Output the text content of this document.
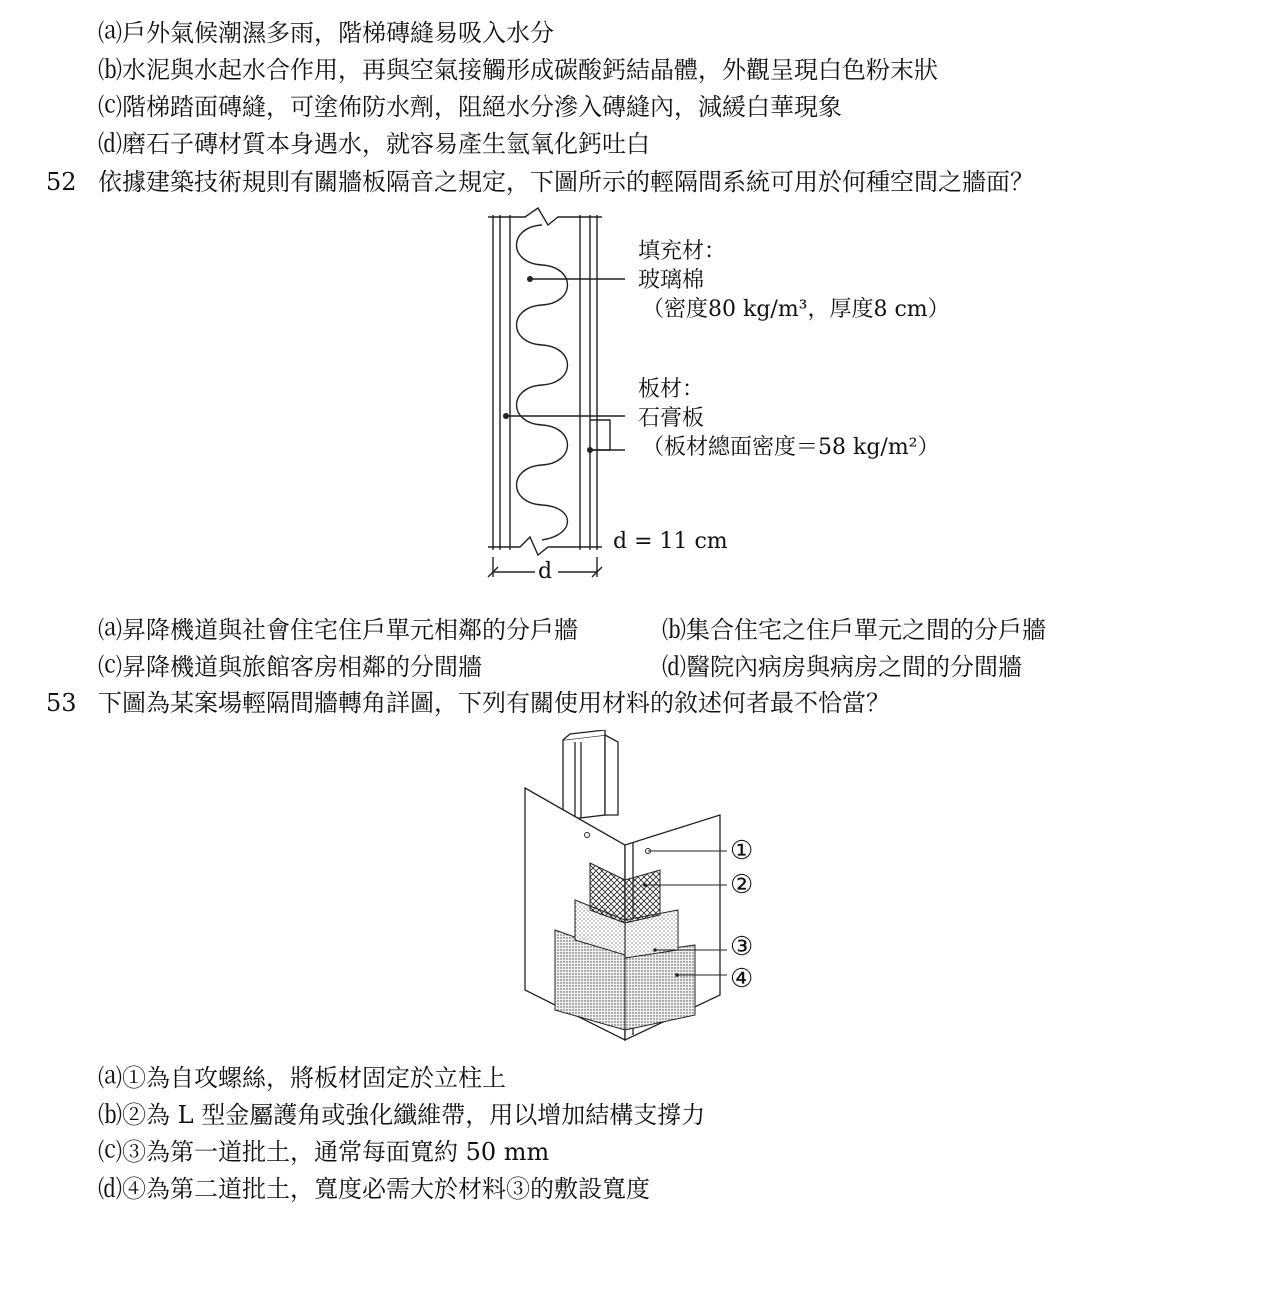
⒜戶外氣候潮濕多雨，階梯磚縫易吸入水分
⒝水泥與水起水合作用，再與空氣接觸形成碳酸鈣結晶體，外觀呈現白色粉末狀
⒞階梯踏面磚縫，可塗佈防水劑，阻絕水分滲入磚縫內，減緩白華現象
⒟磨石子磚材質本身遇水，就容易產生氫氧化鈣吐白
52 依據建築技術規則有關牆板隔音之規定，下圖所示的輕隔間系統可用於何種空間之牆面？
填充材：
玻璃棉
（密度80 kg/m³，厚度8 cm）
板材：
石膏板
（板材總面密度＝58 kg/m²）
d = 11 cm
d
⒜昇降機道與社會住宅住戶單元相鄰的分戶牆	⒝集合住宅之住戶單元之間的分戶牆
⒞昇降機道與旅館客房相鄰的分間牆	⒟醫院內病房與病房之間的分間牆
53 下圖為某案場輕隔間牆轉角詳圖，下列有關使用材料的敘述何者最不恰當？
①
②
③
④
⒜①為自攻螺絲，將板材固定於立柱上
⒝②為 L 型金屬護角或強化纖維帶，用以增加結構支撐力
⒞③為第一道批土，通常每面寬約 50 mm
⒟④為第二道批土，寬度必需大於材料③的敷設寬度
